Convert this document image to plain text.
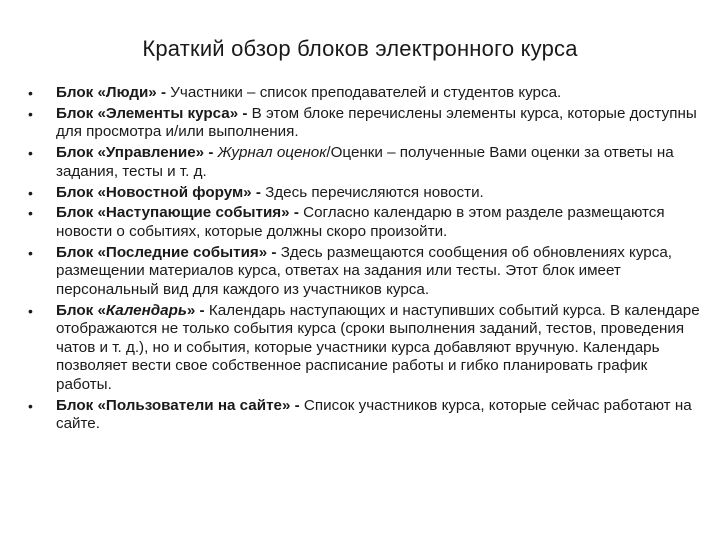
Краткий обзор блоков электронного курса
• Блок «Люди» - Участники – список преподавателей и студентов курса.
• Блок «Элементы курса» - В этом блоке перечислены элементы курса, которые доступны для просмотра и/или выполнения.
• Блок «Управление» - Журнал оценок/Оценки – полученные Вами оценки за ответы на задания, тесты и т. д.
• Блок «Новостной форум» - Здесь перечисляются новости.
• Блок «Наступающие события» - Согласно календарю в этом разделе размещаются новости о событиях, которые должны скоро произойти.
• Блок «Последние события» - Здесь размещаются сообщения об обновлениях курса, размещении материалов курса, ответах на задания или тесты. Этот блок имеет персональный вид для каждого из участников курса.
• Блок «Календарь» - Календарь наступающих и наступивших событий курса. В календаре отображаются не только события курса (сроки выполнения заданий, тестов, проведения чатов и т. д.), но и события, которые участники курса добавляют вручную. Календарь позволяет вести свое собственное расписание работы и гибко планировать график работы.
• Блок «Пользователи на сайте» - Список участников курса, которые сейчас работают на сайте.
